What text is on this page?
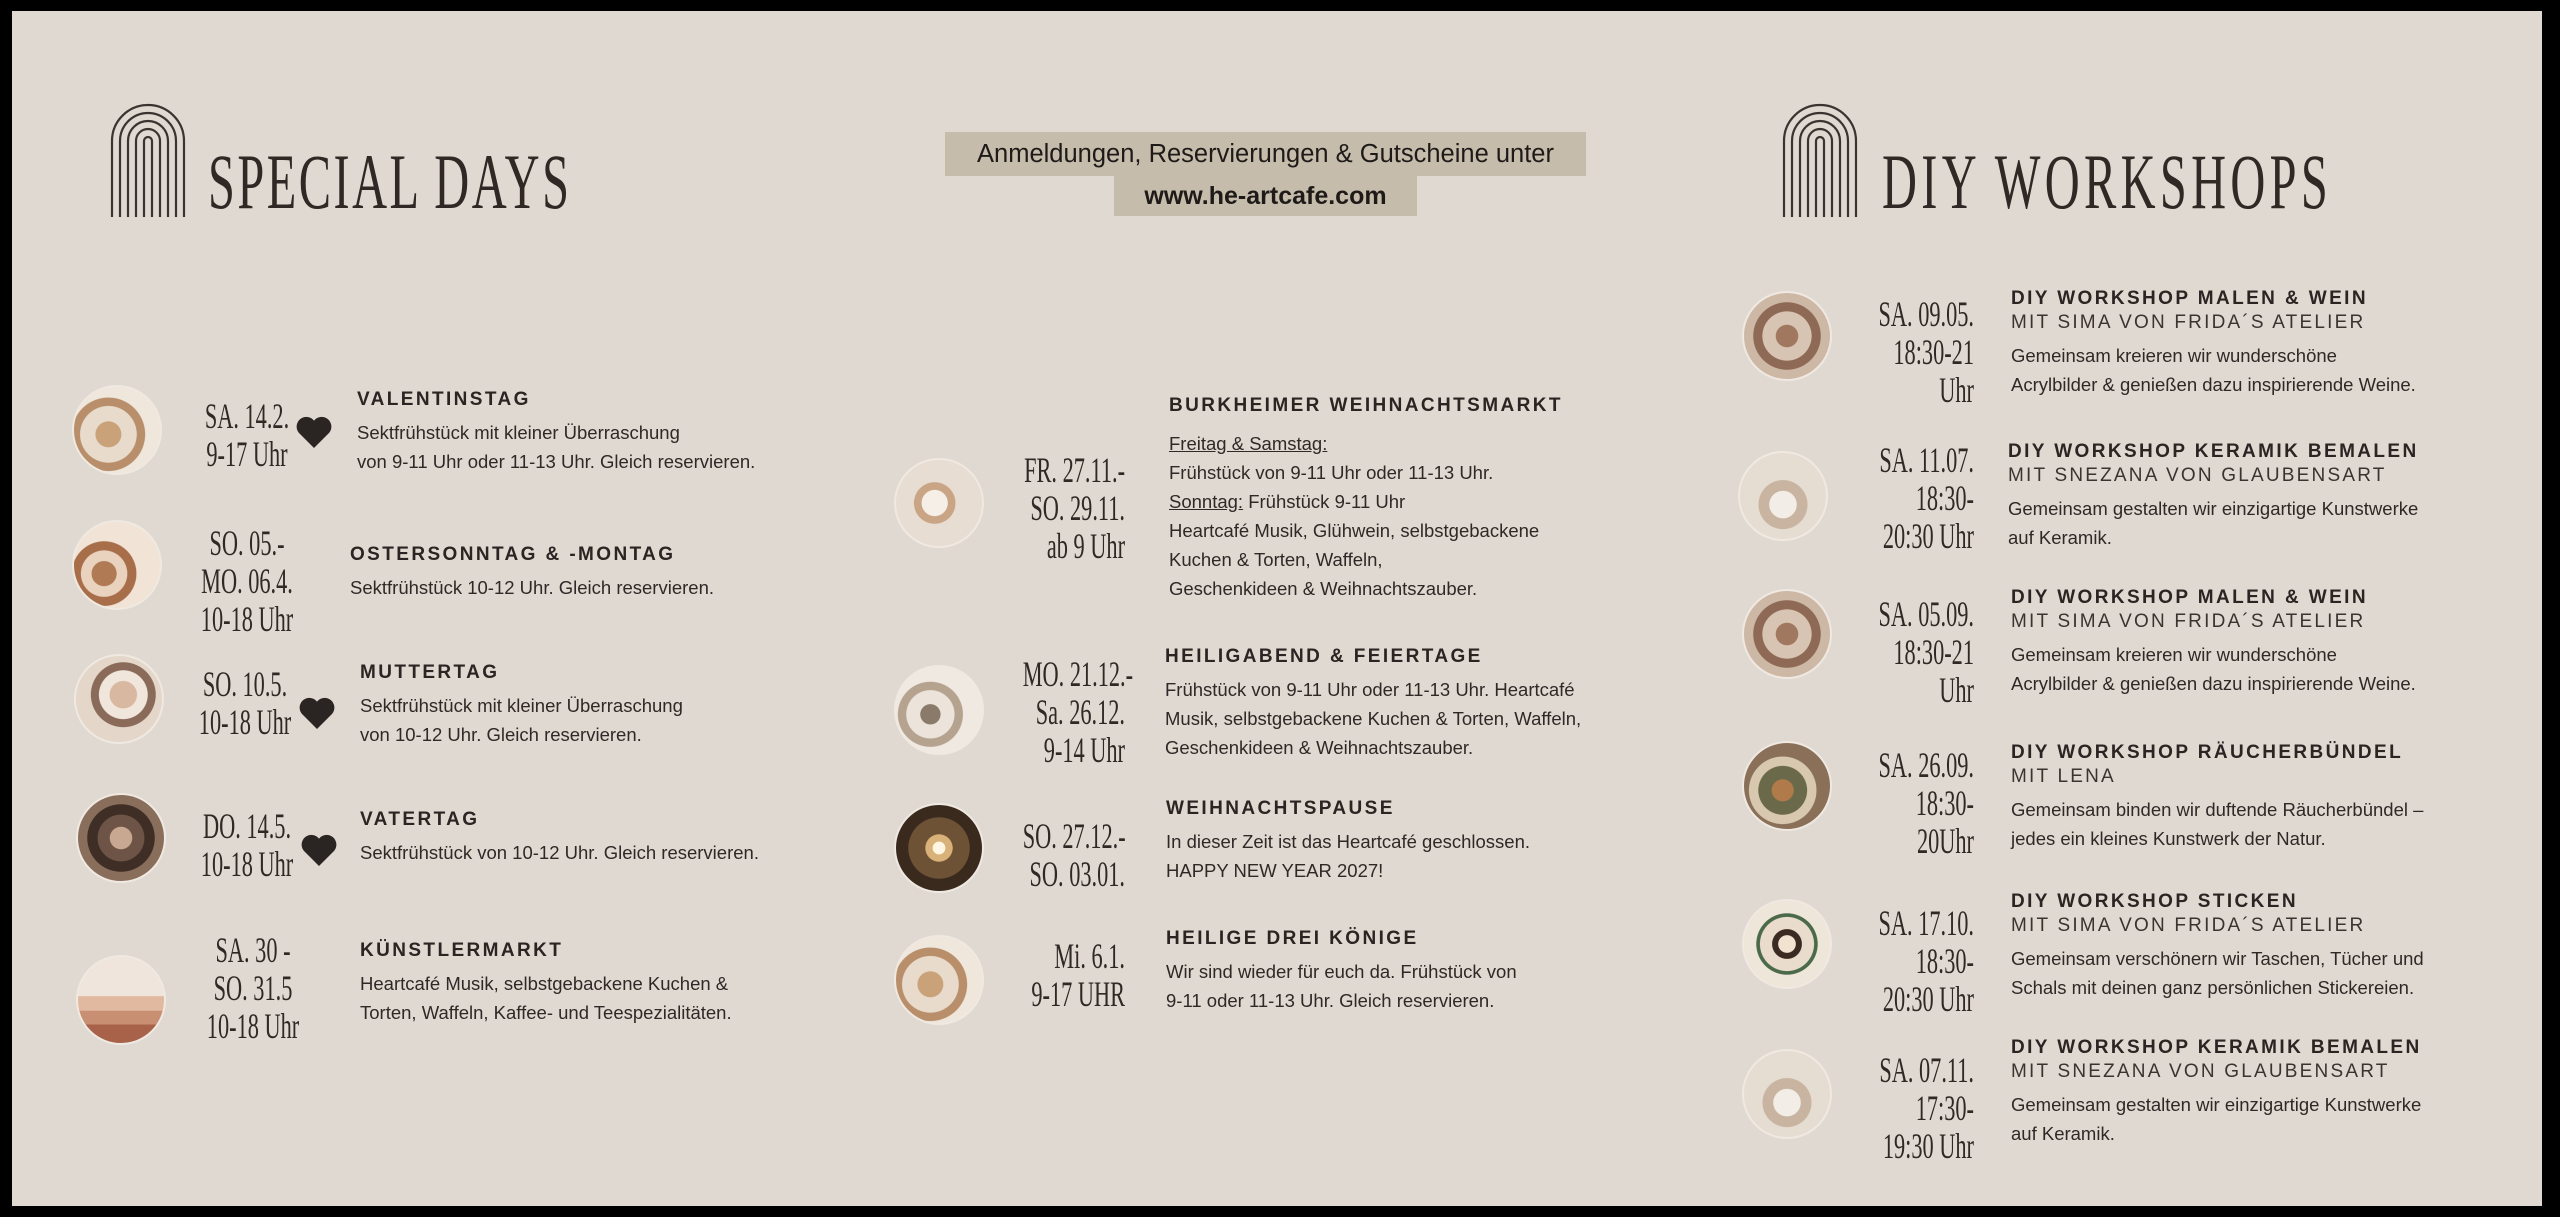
SPECIAL DAYS	DIY WORKSHOPS
Anmeldungen, Reservierungen & Gutscheine unter
www.he-artcafe.com
SA. 14.2.
9-17 Uhr
VALENTINSTAG
Sektfrühstück mit kleiner Überraschung
von 9-11 Uhr oder 11-13 Uhr. Gleich reservieren.
SO. 05.-
MO. 06.4.
10-18 Uhr
OSTERSONNTAG & -MONTAG
Sektfrühstück 10-12 Uhr. Gleich reservieren.
SO. 10.5.
10-18 Uhr
MUTTERTAG
Sektfrühstück mit kleiner Überraschung
von 10-12 Uhr. Gleich reservieren.
DO. 14.5.
10-18 Uhr
VATERTAG
Sektfrühstück von 10-12 Uhr. Gleich reservieren.
SA. 30 -
SO. 31.5
10-18 Uhr
KÜNSTLERMARKT
Heartcafé Musik, selbstgebackene Kuchen &
Torten, Waffeln, Kaffee- und Teespezialitäten.
FR. 27.11.-
SO. 29.11.
ab 9 Uhr
BURKHEIMER WEIHNACHTSMARKT
Freitag & Samstag:
Frühstück von 9-11 Uhr oder 11-13 Uhr.
Sonntag: Frühstück 9-11 Uhr
Heartcafé Musik, Glühwein, selbstgebackene
Kuchen & Torten, Waffeln,
Geschenkideen & Weihnachtszauber.
MO. 21.12.-
Sa. 26.12.
9-14 Uhr
HEILIGABEND & FEIERTAGE
Frühstück von 9-11 Uhr oder 11-13 Uhr. Heartcafé
Musik, selbstgebackene Kuchen & Torten, Waffeln,
Geschenkideen & Weihnachtszauber.
SO. 27.12.-
SO. 03.01.
WEIHNACHTSPAUSE
In dieser Zeit ist das Heartcafé geschlossen.
HAPPY NEW YEAR 2027!
Mi. 6.1.
9-17 UHR
HEILIGE DREI KÖNIGE
Wir sind wieder für euch da. Frühstück von
9-11 oder 11-13 Uhr. Gleich reservieren.
SA. 09.05.
18:30-21
Uhr
DIY WORKSHOP MALEN & WEIN
MIT SIMA VON FRIDA´S ATELIER
Gemeinsam kreieren wir wunderschöne
Acrylbilder & genießen dazu inspirierende Weine.
SA. 11.07.
18:30-
20:30 Uhr
DIY WORKSHOP KERAMIK BEMALEN
MIT SNEZANA VON GLAUBENSART
Gemeinsam gestalten wir einzigartige Kunstwerke
auf Keramik.
SA. 05.09.
18:30-21
Uhr
DIY WORKSHOP MALEN & WEIN
MIT SIMA VON FRIDA´S ATELIER
Gemeinsam kreieren wir wunderschöne
Acrylbilder & genießen dazu inspirierende Weine.
SA. 26.09.
18:30-
20Uhr
DIY WORKSHOP RÄUCHERBÜNDEL
MIT LENA
Gemeinsam binden wir duftende Räucherbündel –
jedes ein kleines Kunstwerk der Natur.
SA. 17.10.
18:30-
20:30 Uhr
DIY WORKSHOP STICKEN
MIT SIMA VON FRIDA´S ATELIER
Gemeinsam verschönern wir Taschen, Tücher und
Schals mit deinen ganz persönlichen Stickereien.
SA. 07.11.
17:30-
19:30 Uhr
DIY WORKSHOP KERAMIK BEMALEN
MIT SNEZANA VON GLAUBENSART
Gemeinsam gestalten wir einzigartige Kunstwerke
auf Keramik.
